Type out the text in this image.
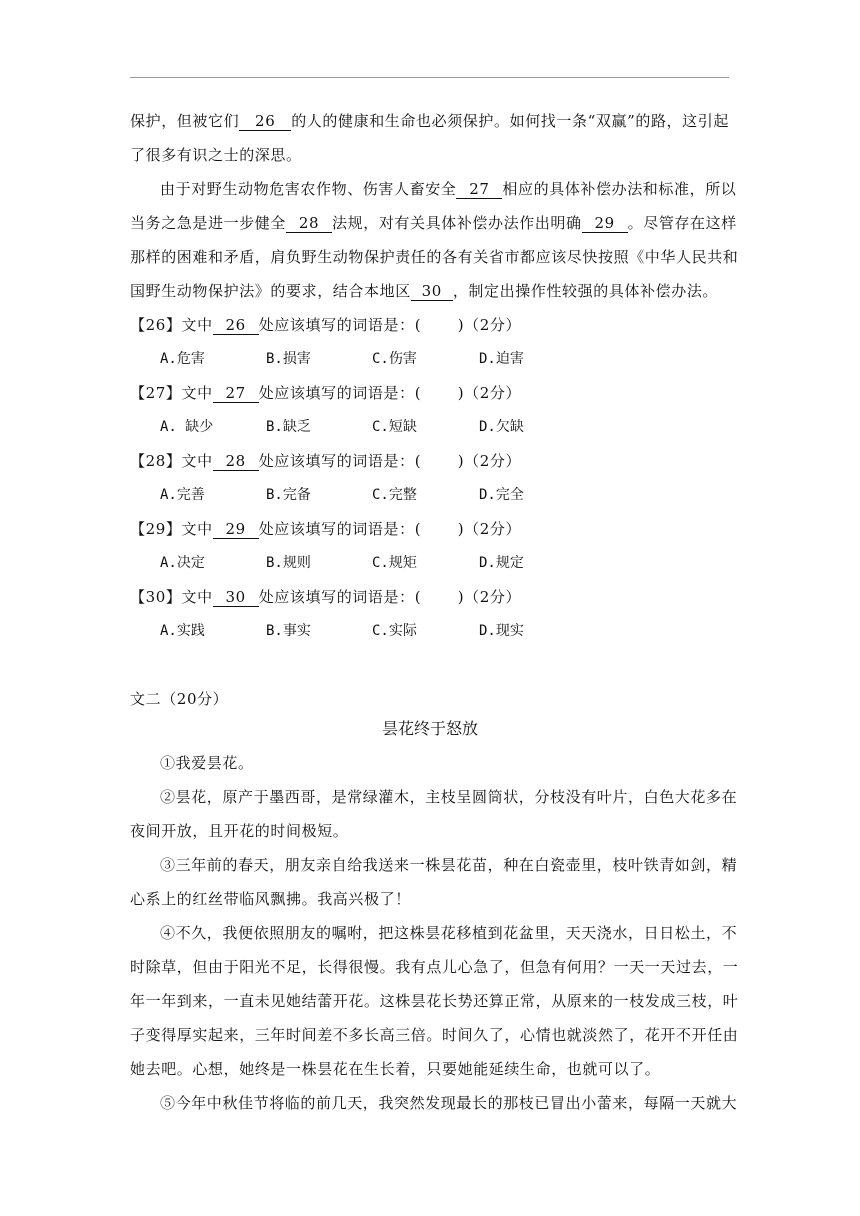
保护，但被它们 26 的人的健康和生命也必须保护。如何找一条“双赢”的路，这引起
了很多有识之士的深思。
由于对野生动物危害农作物、伤害人畜安全 27 相应的具体补偿办法和标准，所以
当务之急是进一步健全 28 法规，对有关具体补偿办法作出明确 29 。尽管存在这样
那样的困难和矛盾，肩负野生动物保护责任的各有关省市都应该尽快按照《中华人民共和
国野生动物保护法》的要求，结合本地区 30 ，制定出操作性较强的具体补偿办法。
【26】文中 26 处应该填写的词语是：(　　 )（2分）
A.危害	B.损害	C.伤害	D.迫害
【27】文中 27 处应该填写的词语是：(　　 )（2分）
A. 缺少	B.缺乏	C.短缺	D.欠缺
【28】文中 28 处应该填写的词语是：(　　 )（2分）
A.完善	B.完备	C.完整	D.完全
【29】文中 29 处应该填写的词语是：(　　 )（2分）
A.决定	B.规则	C.规矩	D.规定
【30】文中 30 处应该填写的词语是：(　　 )（2分）
A.实践	B.事实	C.实际	D.现实
文二（20分）
昙花终于怒放
①我爱昙花。
②昙花，原产于墨西哥，是常绿灌木，主枝呈圆筒状，分枝没有叶片，白色大花多在
夜间开放，且开花的时间极短。
③三年前的春天，朋友亲自给我送来一株昙花苗，种在白瓷壶里，枝叶铁青如剑，精
心系上的红丝带临风飘拂。我高兴极了！
④不久，我便依照朋友的嘱咐，把这株昙花移植到花盆里，天天浇水，日日松土，不
时除草，但由于阳光不足，长得很慢。我有点儿心急了，但急有何用？一天一天过去，一
年一年到来，一直未见她结蕾开花。这株昙花长势还算正常，从原来的一枝发成三枝，叶
子变得厚实起来，三年时间差不多长高三倍。时间久了，心情也就淡然了，花开不开任由
她去吧。心想，她终是一株昙花在生长着，只要她能延续生命，也就可以了。
⑤今年中秋佳节将临的前几天，我突然发现最长的那枝已冒出小蕾来，每隔一天就大
